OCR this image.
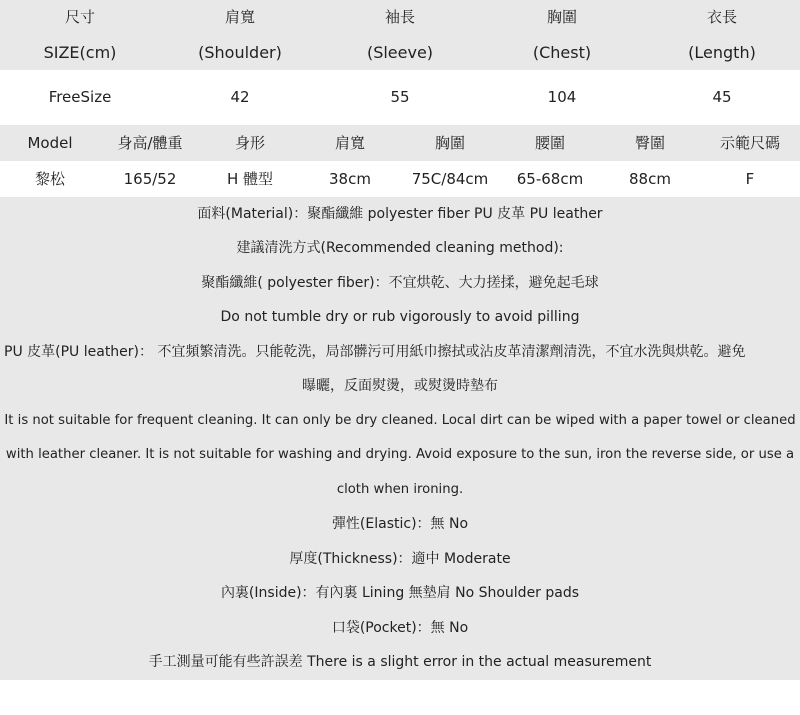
尺寸	肩寬	袖長	胸圍	衣長
SIZE(cm)	(Shoulder)	(Sleeve)	(Chest)	(Length)
FreeSize	42	55	104	45
Model	身高/體重	身形	肩寬	胸圍	腰圍	臀圍	示範尺碼
黎松	165/52	H 體型	38cm	75C/84cm	65-68cm	88cm	F
面料(Material)：聚酯纖維 polyester fiber PU 皮革 PU leather
建議清洗方式(Recommended cleaning method):
聚酯纖維( polyester fiber)：不宜烘乾、大力搓揉，避免起毛球
Do not tumble dry or rub vigorously to avoid pilling
PU 皮革(PU leather)： 不宜頻繁清洗。只能乾洗，局部髒污可用紙巾擦拭或沾皮革清潔劑清洗，不宜水洗與烘乾。避免
曝曬，反面熨燙，或熨燙時墊布
It is not suitable for frequent cleaning. It can only be dry cleaned. Local dirt can be wiped with a paper towel or cleaned
with leather cleaner. It is not suitable for washing and drying. Avoid exposure to the sun, iron the reverse side, or use a
cloth when ironing.
彈性(Elastic)：無 No
厚度(Thickness)：適中 Moderate
內裏(Inside)：有內裏 Lining 無墊肩 No Shoulder pads
口袋(Pocket)：無 No
手工測量可能有些許誤差 There is a slight error in the actual measurement
